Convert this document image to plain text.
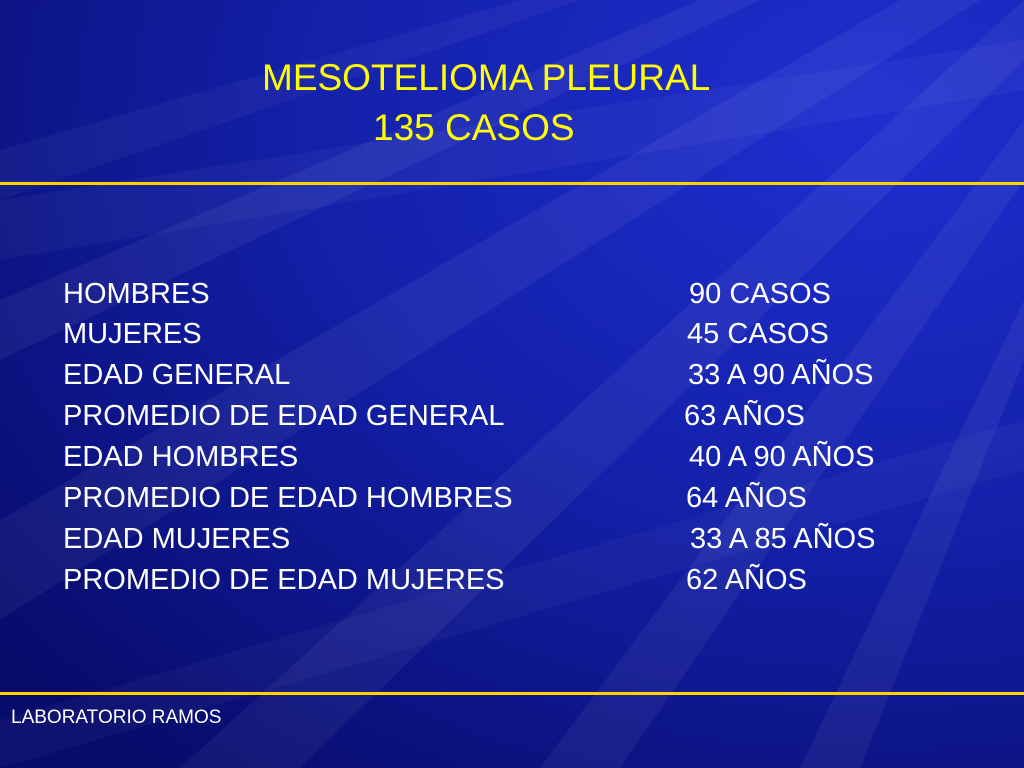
MESOTELIOMA PLEURAL
135 CASOS
HOMBRES	90 CASOS
MUJERES	45 CASOS
EDAD GENERAL	33 A 90 AÑOS
PROMEDIO DE EDAD GENERAL	63 AÑOS
EDAD HOMBRES	40 A 90 AÑOS
PROMEDIO DE EDAD HOMBRES	64 AÑOS
EDAD MUJERES	33 A 85 AÑOS
PROMEDIO DE EDAD MUJERES	62 AÑOS
LABORATORIO RAMOS
